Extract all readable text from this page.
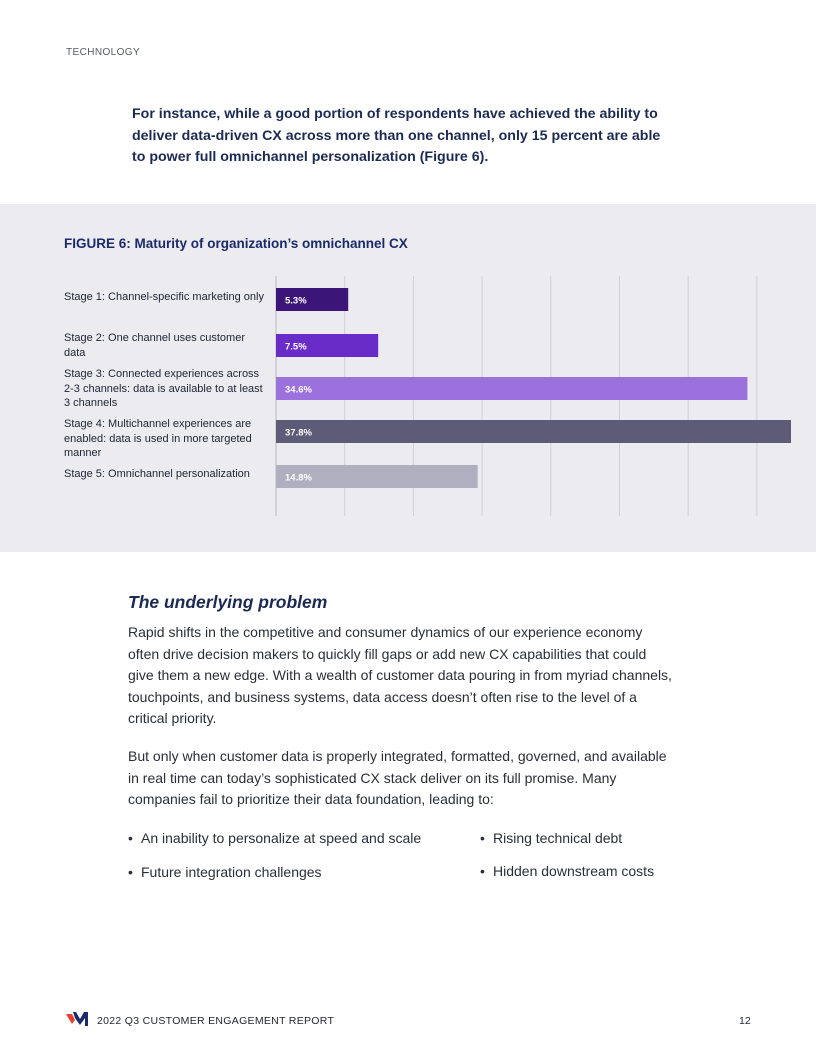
TECHNOLOGY

For instance, while a good portion of respondents have achieved the ability to deliver data-driven CX across more than one channel, only 15 percent are able to power full omnichannel personalization (Figure 6).

FIGURE 6: Maturity of organization’s omnichannel CX
Stage 1: Channel-specific marketing only
Stage 2: One channel uses customer data
Stage 3: Connected experiences across 2-3 channels: data is available to at least 3 channels
Stage 4: Multichannel experiences are enabled: data is used in more targeted manner
Stage 5: Omnichannel personalization
5.3%
7.5%
34.6%
37.8%
14.8%
The underlying problem

Rapid shifts in the competitive and consumer dynamics of our experience economy often drive decision makers to quickly fill gaps or add new CX capabilities that could give them a new edge. With a wealth of customer data pouring in from myriad channels, touchpoints, and business systems, data access doesn’t often rise to the level of a critical priority.

But only when customer data is properly integrated, formatted, governed, and available in real time can today’s sophisticated CX stack deliver on its full promise. Many companies fail to prioritize their data foundation, leading to:

• An inability to personalize at speed and scale	• Rising technical debt
• Future integration challenges	• Hidden downstream costs
2022 Q3 CUSTOMER ENGAGEMENT REPORT	12
